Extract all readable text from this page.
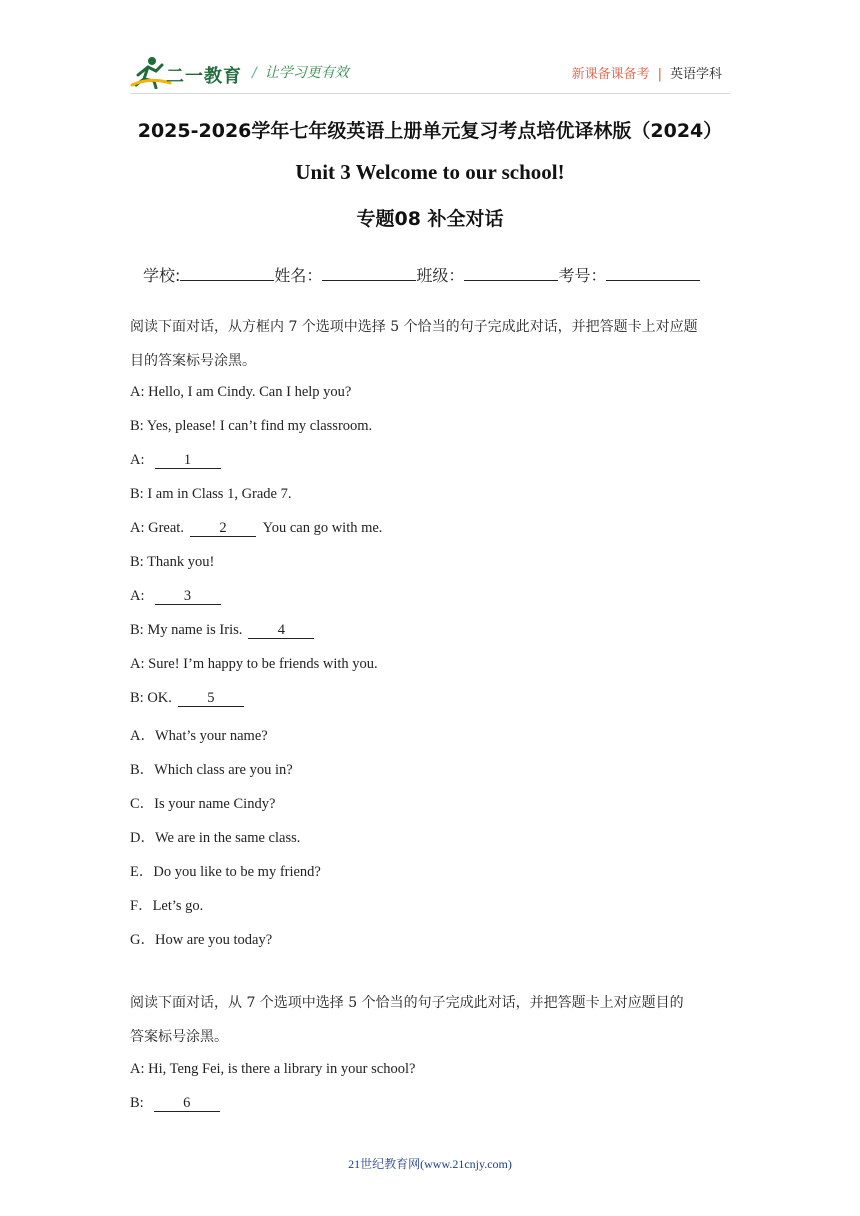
二一教育 / 让学习更有效	新课备课备考 | 英语学科
2025-2026学年七年级英语上册单元复习考点培优译林版（2024）
Unit 3 Welcome to our school!
专题08 补全对话
学校:	姓名：	班级：	考号：
阅读下面对话，从方框内 7 个选项中选择 5 个恰当的句子完成此对话，并把答题卡上对应题
目的答案标号涂黑。
A: Hello, I am Cindy. Can I help you?
B: Yes, please! I can’t find my classroom.
A:	1
B: I am in Class 1, Grade 7.
A: Great. 2 You can go with me.
B: Thank you!
A:	3
B: My name is Iris. 4
A: Sure! I’m happy to be friends with you.
B: OK. 5
A．What’s your name?
B．Which class are you in?
C．Is your name Cindy?
D．We are in the same class.
E．Do you like to be my friend?
F．Let’s go.
G．How are you today?
阅读下面对话，从 7 个选项中选择 5 个恰当的句子完成此对话，并把答题卡上对应题目的
答案标号涂黑。
A: Hi, Teng Fei, is there a library in your school?
B:	6
21世纪教育网(www.21cnjy.com)
